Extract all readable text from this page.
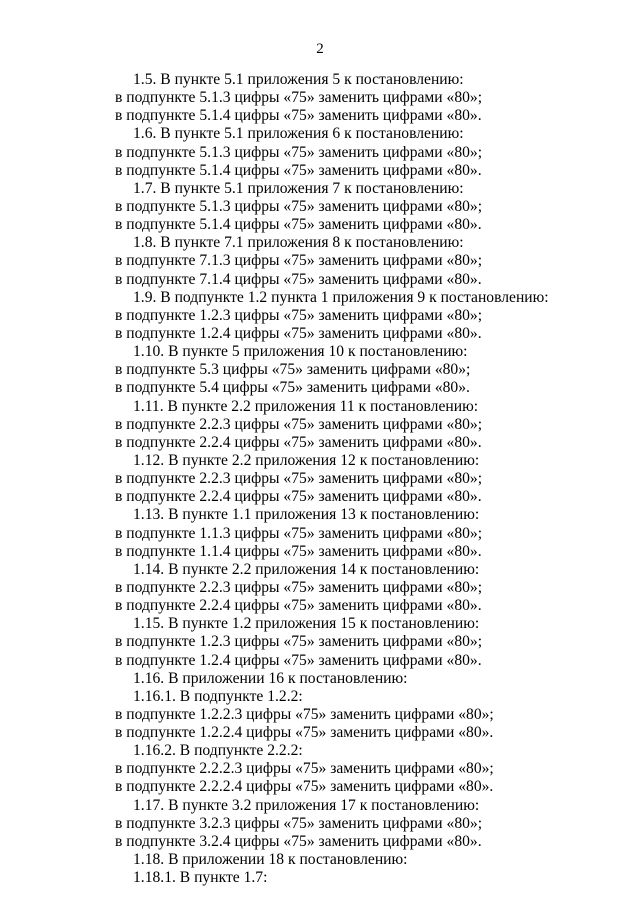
2
1.5. В пункте 5.1 приложения 5 к постановлению:
в подпункте 5.1.3 цифры «75» заменить цифрами «80»;
в подпункте 5.1.4 цифры «75» заменить цифрами «80».
1.6. В пункте 5.1 приложения 6 к постановлению:
в подпункте 5.1.3 цифры «75» заменить цифрами «80»;
в подпункте 5.1.4 цифры «75» заменить цифрами «80».
1.7. В пункте 5.1 приложения 7 к постановлению:
в подпункте 5.1.3 цифры «75» заменить цифрами «80»;
в подпункте 5.1.4 цифры «75» заменить цифрами «80».
1.8. В пункте 7.1 приложения 8 к постановлению:
в подпункте 7.1.3 цифры «75» заменить цифрами «80»;
в подпункте 7.1.4 цифры «75» заменить цифрами «80».
1.9. В подпункте 1.2 пункта 1 приложения 9 к постановлению:
в подпункте 1.2.3 цифры «75» заменить цифрами «80»;
в подпункте 1.2.4 цифры «75» заменить цифрами «80».
1.10. В пункте 5 приложения 10 к постановлению:
в подпункте 5.3 цифры «75» заменить цифрами «80»;
в подпункте 5.4 цифры «75» заменить цифрами «80».
1.11. В пункте 2.2 приложения 11 к постановлению:
в подпункте 2.2.3 цифры «75» заменить цифрами «80»;
в подпункте 2.2.4 цифры «75» заменить цифрами «80».
1.12. В пункте 2.2 приложения 12 к постановлению:
в подпункте 2.2.3 цифры «75» заменить цифрами «80»;
в подпункте 2.2.4 цифры «75» заменить цифрами «80».
1.13. В пункте 1.1 приложения 13 к постановлению:
в подпункте 1.1.3 цифры «75» заменить цифрами «80»;
в подпункте 1.1.4 цифры «75» заменить цифрами «80».
1.14. В пункте 2.2 приложения 14 к постановлению:
в подпункте 2.2.3 цифры «75» заменить цифрами «80»;
в подпункте 2.2.4 цифры «75» заменить цифрами «80».
1.15. В пункте 1.2 приложения 15 к постановлению:
в подпункте 1.2.3 цифры «75» заменить цифрами «80»;
в подпункте 1.2.4 цифры «75» заменить цифрами «80».
1.16. В приложении 16 к постановлению:
1.16.1. В подпункте 1.2.2:
в подпункте 1.2.2.3 цифры «75» заменить цифрами «80»;
в подпункте 1.2.2.4 цифры «75» заменить цифрами «80».
1.16.2. В подпункте 2.2.2:
в подпункте 2.2.2.3 цифры «75» заменить цифрами «80»;
в подпункте 2.2.2.4 цифры «75» заменить цифрами «80».
1.17. В пункте 3.2 приложения 17 к постановлению:
в подпункте 3.2.3 цифры «75» заменить цифрами «80»;
в подпункте 3.2.4 цифры «75» заменить цифрами «80».
1.18. В приложении 18 к постановлению:
1.18.1. В пункте 1.7:
